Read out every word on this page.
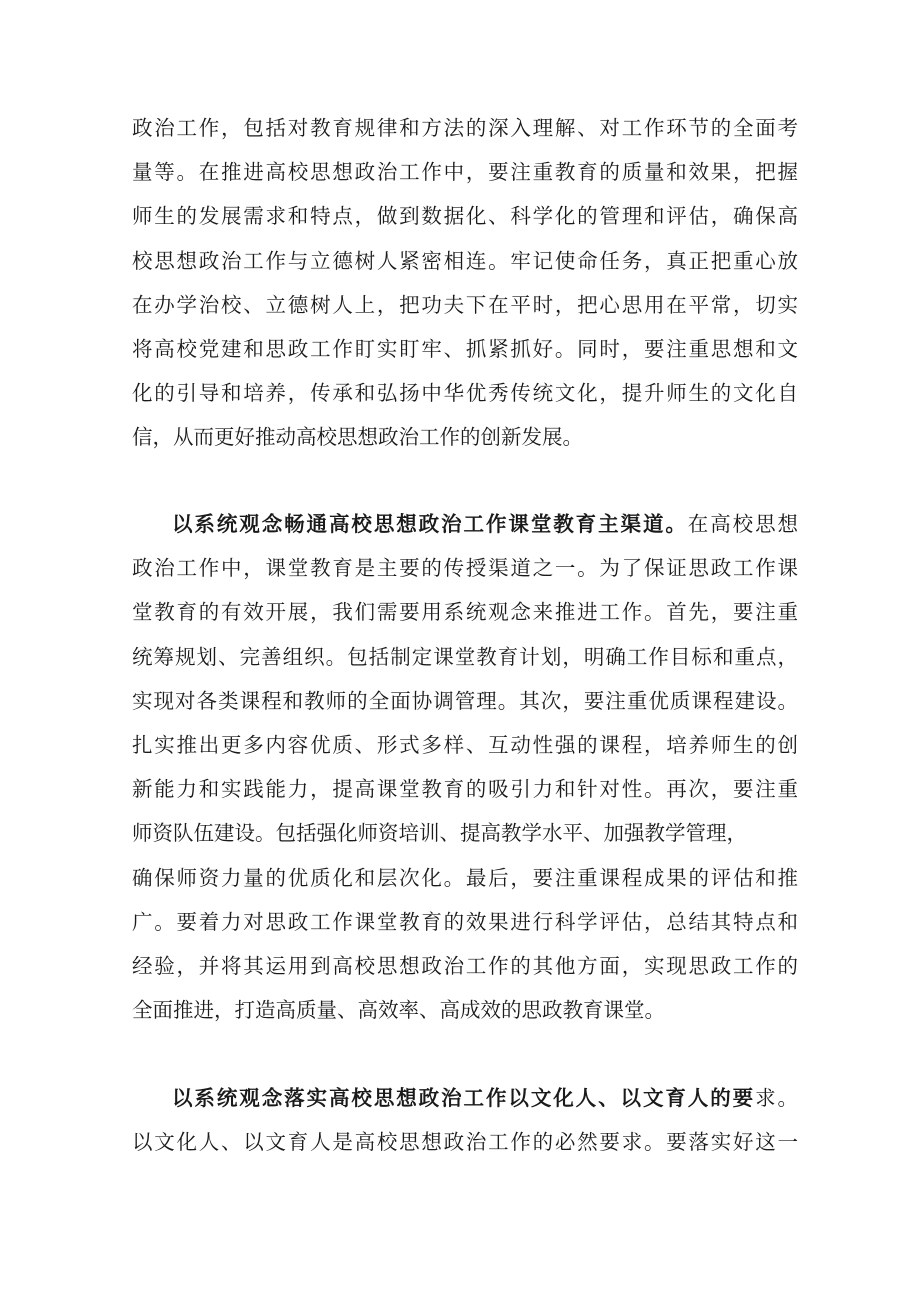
政治工作，包括对教育规律和方法的深入理解、对工作环节的全面考
量等。在推进高校思想政治工作中，要注重教育的质量和效果，把握
师生的发展需求和特点，做到数据化、科学化的管理和评估，确保高
校思想政治工作与立德树人紧密相连。牢记使命任务，真正把重心放
在办学治校、立德树人上，把功夫下在平时，把心思用在平常，切实
将高校党建和思政工作盯实盯牢、抓紧抓好。同时，要注重思想和文
化的引导和培养，传承和弘扬中华优秀传统文化，提升师生的文化自
信，从而更好推动高校思想政治工作的创新发展。
以系统观念畅通高校思想政治工作课堂教育主渠道。在高校思想
政治工作中，课堂教育是主要的传授渠道之一。为了保证思政工作课
堂教育的有效开展，我们需要用系统观念来推进工作。首先，要注重
统筹规划、完善组织。包括制定课堂教育计划，明确工作目标和重点，
实现对各类课程和教师的全面协调管理。其次，要注重优质课程建设。
扎实推出更多内容优质、形式多样、互动性强的课程，培养师生的创
新能力和实践能力，提高课堂教育的吸引力和针对性。再次，要注重
师资队伍建设。包括强化师资培训、提高教学水平、加强教学管理，
确保师资力量的优质化和层次化。最后，要注重课程成果的评估和推
广。要着力对思政工作课堂教育的效果进行科学评估，总结其特点和
经验，并将其运用到高校思想政治工作的其他方面，实现思政工作的
全面推进，打造高质量、高效率、高成效的思政教育课堂。
以系统观念落实高校思想政治工作以文化人、以文育人的要求。
以文化人、以文育人是高校思想政治工作的必然要求。要落实好这一
